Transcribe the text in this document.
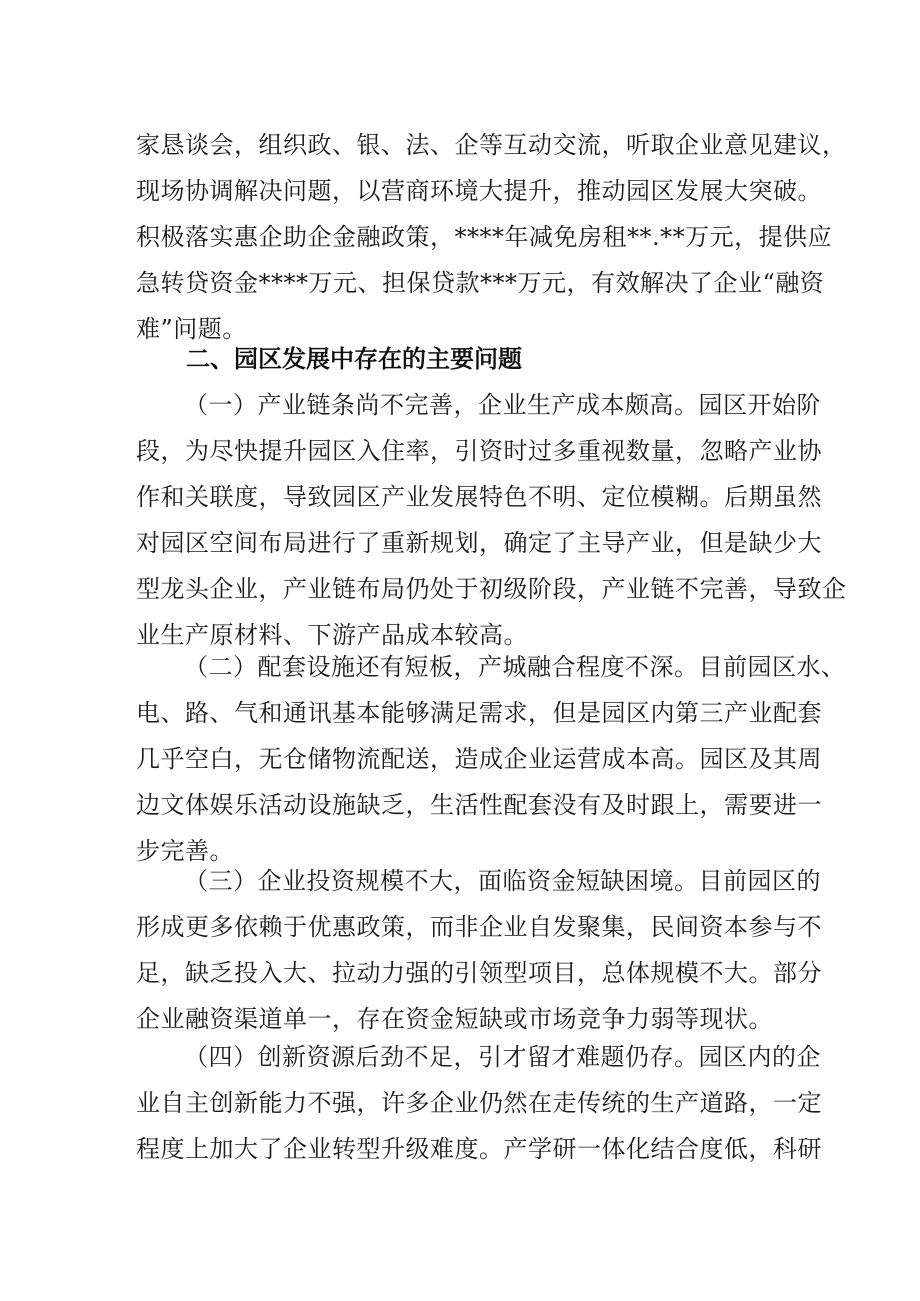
家恳谈会，组织政、银、法、企等互动交流，听取企业意见建议，
现场协调解决问题，以营商环境大提升，推动园区发展大突破。
积极落实惠企助企金融政策，****年减免房租**.**万元，提供应
急转贷资金****万元、担保贷款***万元，有效解决了企业“融资
难”问题。
二、园区发展中存在的主要问题
（一）产业链条尚不完善，企业生产成本颇高。园区开始阶
段，为尽快提升园区入住率，引资时过多重视数量，忽略产业协
作和关联度，导致园区产业发展特色不明、定位模糊。后期虽然
对园区空间布局进行了重新规划，确定了主导产业，但是缺少大
型龙头企业，产业链布局仍处于初级阶段，产业链不完善，导致企
业生产原材料、下游产品成本较高。
（二）配套设施还有短板，产城融合程度不深。目前园区水、
电、路、气和通讯基本能够满足需求，但是园区内第三产业配套
几乎空白，无仓储物流配送，造成企业运营成本高。园区及其周
边文体娱乐活动设施缺乏，生活性配套没有及时跟上，需要进一
步完善。
（三）企业投资规模不大，面临资金短缺困境。目前园区的
形成更多依赖于优惠政策，而非企业自发聚集，民间资本参与不
足，缺乏投入大、拉动力强的引领型项目，总体规模不大。部分
企业融资渠道单一，存在资金短缺或市场竞争力弱等现状。
（四）创新资源后劲不足，引才留才难题仍存。园区内的企
业自主创新能力不强，许多企业仍然在走传统的生产道路，一定
程度上加大了企业转型升级难度。产学研一体化结合度低，科研
